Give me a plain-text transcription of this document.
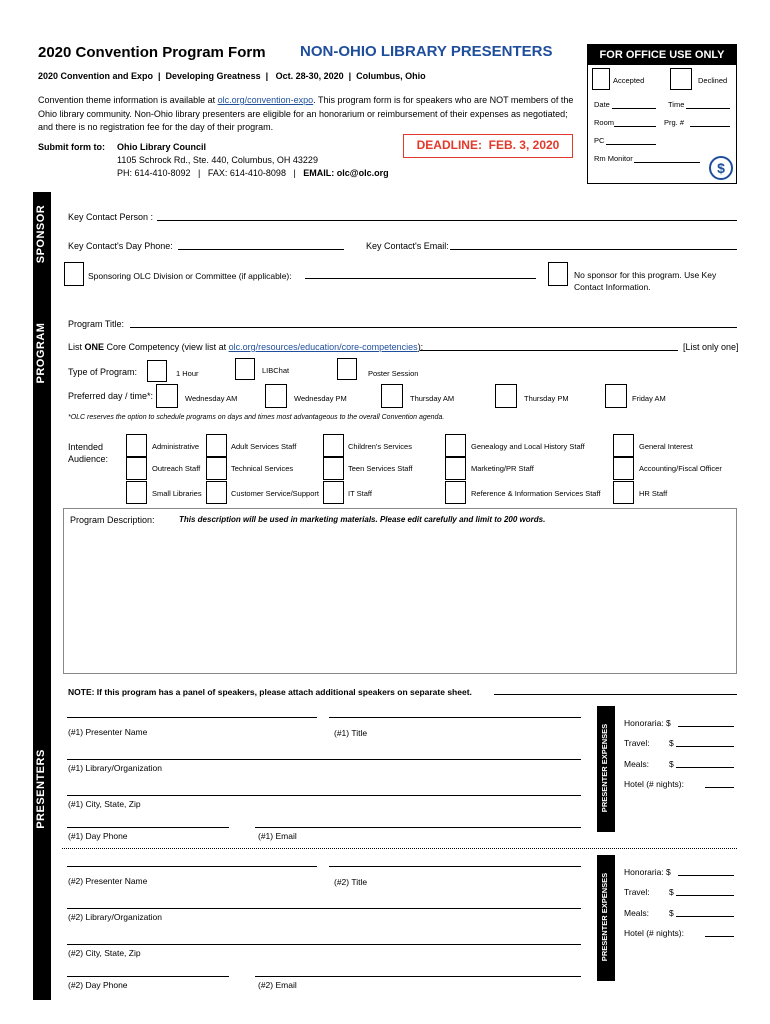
2020 Convention Program Form NON-OHIO LIBRARY PRESENTERS
2020 Convention and Expo  |  Developing Greatness  |   Oct. 28-30, 2020  |  Columbus, Ohio
Convention theme information is available at olc.org/convention-expo. This program form is for speakers who are NOT members of the Ohio library community. Non-Ohio library presenters are eligible for an honorarium or reimbursement of their expenses as negotiated; and there is no registration fee for the day of their program.
Submit form to: Ohio Library Council
1105 Schrock Rd., Ste. 440, Columbus, OH 43229
PH: 614-410-8092   |   FAX: 614-410-8098   |   EMAIL: olc@olc.org
DEADLINE:  FEB. 3, 2020
FOR OFFICE USE ONLY
Accepted	Declined
Date	Time
Room	Prg. #
PC
Rm Monitor
$
SPONSOR
PROGRAM
PRESENTERS
Key Contact Person :
Key Contact's Day Phone:	Key Contact's Email:
Sponsoring OLC Division or Committee (if applicable):	No sponsor for this program. Use Key Contact Information.
Program Title:
List ONE Core Competency (view list at olc.org/resources/education/core-competencies):	[List only one]
Type of Program:	1 Hour	LIBChat	Poster Session
Preferred day / time*:	Wednesday AM	Wednesday PM	Thursday AM	Thursday PM	Friday AM
*OLC reserves the option to schedule programs on days and times most advantageous to the overall Convention agenda.
Intended Audience:
Administrative	Adult Services Staff	Children's Services	Genealogy and Local History Staff	General Interest
Outreach Staff	Technical Services	Teen Services Staff	Marketing/PR Staff	Accounting/Fiscal Officer
Small Libraries	Customer Service/Support	IT Staff	Reference & Information Services Staff	HR Staff
Program Description:	This description will be used in marketing materials. Please edit carefully and limit to 200 words.
NOTE: If this program has a panel of speakers, please attach additional speakers on separate sheet.
(#1) Presenter Name	(#1) Title
(#1) Library/Organization
(#1) City, State, Zip
(#1) Day Phone	(#1) Email
Honoraria: $
Travel: $
Meals: $
Hotel (# nights):
PRESENTER EXPENSES
(#2) Presenter Name	(#2) Title
(#2) Library/Organization
(#2) City, State, Zip
(#2) Day Phone	(#2) Email
Honoraria: $
Travel: $
Meals: $
Hotel (# nights):
PRESENTER EXPENSES
